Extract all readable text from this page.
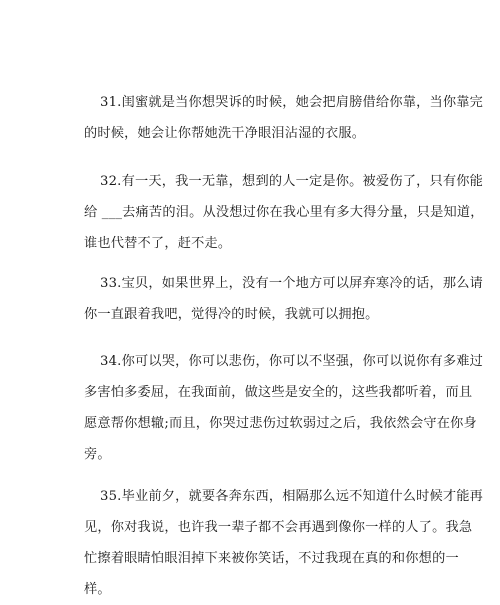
31.闺蜜就是当你想哭诉的时候，她会把肩膀借给你靠，当你靠完的时候，她会让你帮她洗干净眼泪沾湿的衣服。

32.有一天，我一无靠，想到的人一定是你。被爱伤了，只有你能给 ___去痛苦的泪。从没想过你在我心里有多大得分量，只是知道，谁也代替不了，赶不走。

33.宝贝，如果世界上，没有一个地方可以屏弃寒冷的话，那么请你一直跟着我吧，觉得冷的时候，我就可以拥抱。

34.你可以哭，你可以悲伤，你可以不坚强，你可以说你有多难过多害怕多委屈，在我面前，做这些是安全的，这些我都听着，而且愿意帮你想辙;而且，你哭过悲伤过软弱过之后，我依然会守在你身旁。

35.毕业前夕，就要各奔东西，相隔那么远不知道什么时候才能再见，你对我说，也许我一辈子都不会再遇到像你一样的人了。我急忙擦着眼睛怕眼泪掉下来被你笑话，不过我现在真的和你想的一样。
